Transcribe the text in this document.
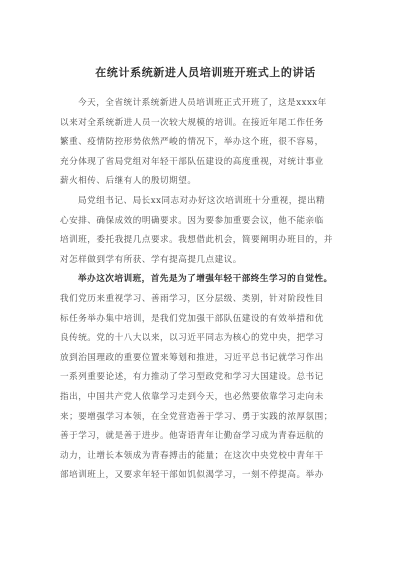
在统计系统新进人员培训班开班式上的讲话

今天，全省统计系统新进人员培训班正式开班了，这是xxxx年
以来对全系统新进人员一次较大规模的培训。在接近年尾工作任务
繁重、疫情防控形势依然严峻的情况下，举办这个班，很不容易，
充分体现了省局党组对年轻干部队伍建设的高度重视，对统计事业
薪火相传、后继有人的殷切期望。

局党组书记、局长xx同志对办好这次培训班十分重视，提出精
心安排、确保成效的明确要求。因为要参加重要会议，他不能亲临
培训班，委托我提几点要求。我想借此机会，简要阐明办班目的，并
对怎样做到学有所获、学有提高提几点建议。

举办这次培训班，首先是为了增强年轻干部终生学习的自觉性。

我们党历来重视学习、善雨学习，区分层级、类别，针对阶段性目
标任务举办集中培训，是我们党加强干部队伍建设的有效举措和优
良传统。党的十八大以来，以习近平同志为核心的党中央，把学习
放到治国理政的重要位置来筹划和推进，习近平总书记就学习作出
一系列重要论述，有力推动了学习型政党和学习大国建设。总书记
指出，中国共产党人依靠学习走到今天，也必然要依靠学习走向未
来；要增强学习本领，在全党营造善于学习、勇于实践的浓厚氛围；
善于学习，就是善于进步。他寄语青年让勤奋学习成为青春远航的
动力，让增长本领成为青春搏击的能量；在这次中央党校中青年干
部培训班上，又要求年轻干部如饥似渴学习，一刻不停提高。举办
